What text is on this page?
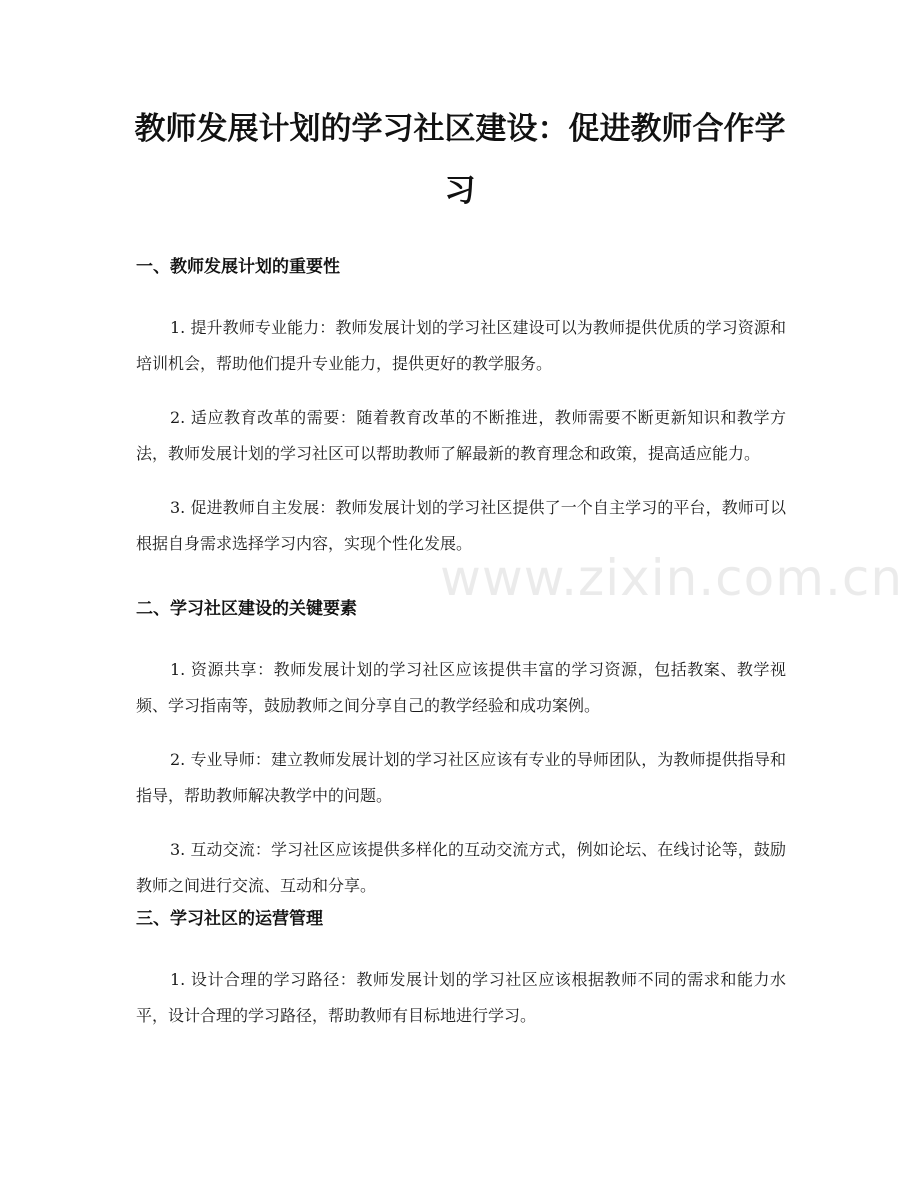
教师发展计划的学习社区建设：促进教师合作学习
一、教师发展计划的重要性

1. 提升教师专业能力：教师发展计划的学习社区建设可以为教师提供优质的学习资源和培训机会，帮助他们提升专业能力，提供更好的教学服务。

2. 适应教育改革的需要：随着教育改革的不断推进，教师需要不断更新知识和教学方法，教师发展计划的学习社区可以帮助教师了解最新的教育理念和政策，提高适应能力。

3. 促进教师自主发展：教师发展计划的学习社区提供了一个自主学习的平台，教师可以根据自身需求选择学习内容，实现个性化发展。

二、学习社区建设的关键要素

1. 资源共享：教师发展计划的学习社区应该提供丰富的学习资源，包括教案、教学视频、学习指南等，鼓励教师之间分享自己的教学经验和成功案例。

2. 专业导师：建立教师发展计划的学习社区应该有专业的导师团队，为教师提供指导和指导，帮助教师解决教学中的问题。

3. 互动交流：学习社区应该提供多样化的互动交流方式，例如论坛、在线讨论等，鼓励教师之间进行交流、互动和分享。

三、学习社区的运营管理

1. 设计合理的学习路径：教师发展计划的学习社区应该根据教师不同的需求和能力水平，设计合理的学习路径，帮助教师有目标地进行学习。

www.zixin.com.cn
